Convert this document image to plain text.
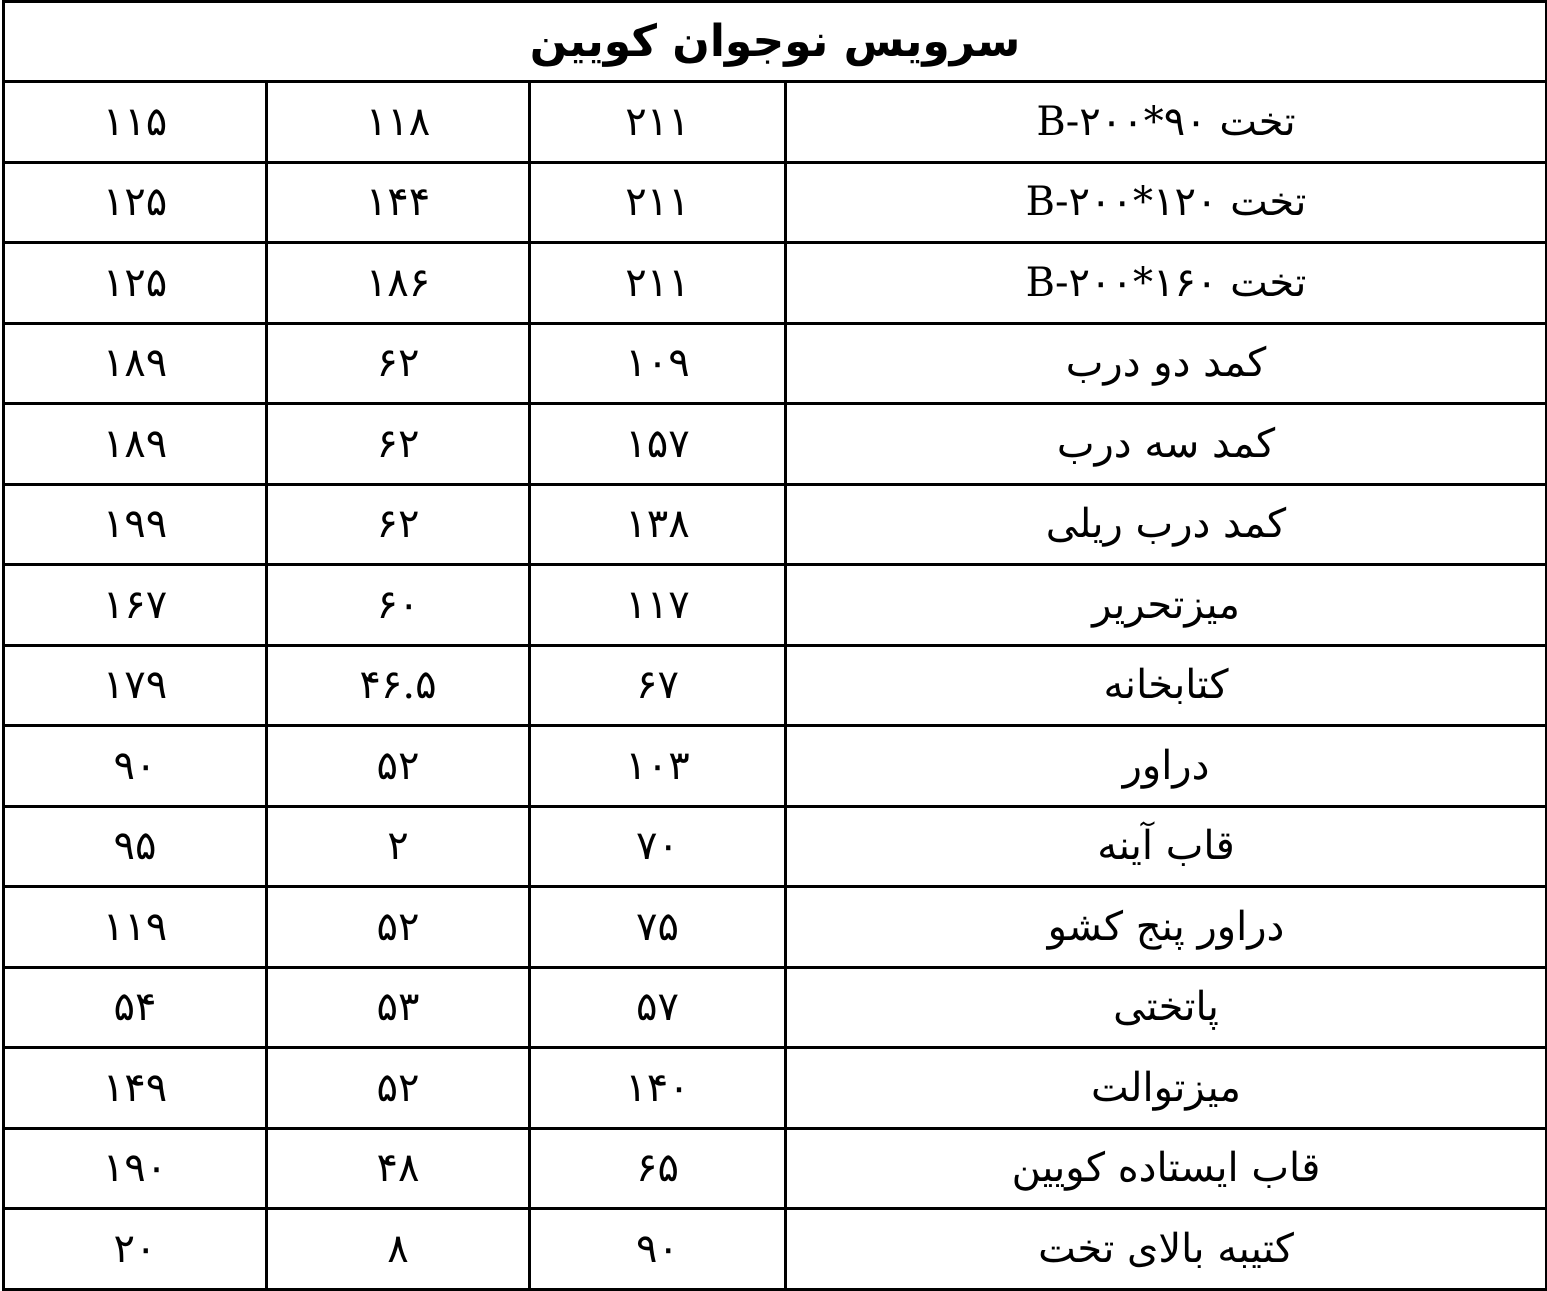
سرویس نوجوان کویین			
۱۱۵	۱۱۸	۲۱۱	تخت ۹۰*۲۰۰-B
۱۲۵	۱۴۴	۲۱۱	تخت ۱۲۰*۲۰۰-B
۱۲۵	۱۸۶	۲۱۱	تخت ۱۶۰*۲۰۰-B
۱۸۹	۶۲	۱۰۹	کمد دو درب
۱۸۹	۶۲	۱۵۷	کمد سه درب
۱۹۹	۶۲	۱۳۸	کمد درب ریلی
۱۶۷	۶۰	۱۱۷	میزتحریر
۱۷۹	۴۶.۵	۶۷	کتابخانه
۹۰	۵۲	۱۰۳	دراور
۹۵	۲	۷۰	قاب آینه
۱۱۹	۵۲	۷۵	دراور پنج کشو
۵۴	۵۳	۵۷	پاتختی
۱۴۹	۵۲	۱۴۰	میزتوالت
۱۹۰	۴۸	۶۵	قاب ایستاده کویین
۲۰	۸	۹۰	کتیبه بالای تخت
